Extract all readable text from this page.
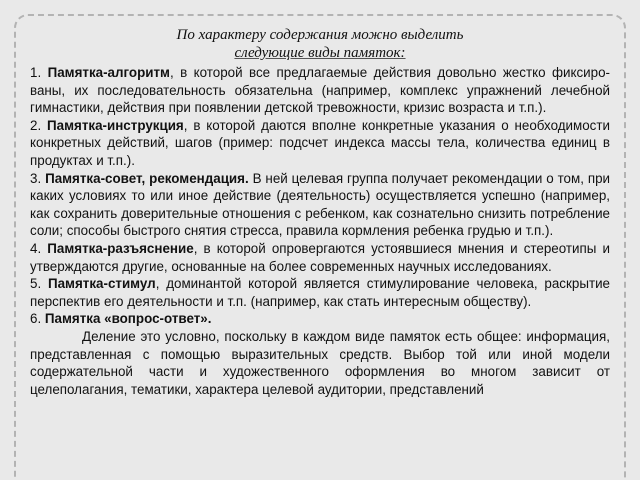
По характеру содержания можно выделить
следующие виды памяток:

1. Памятка-алгоритм, в которой все предлагаемые действия довольно жестко фиксиро-ваны, их последовательность обязательна (например, комплекс упражнений лечебной гимнастики, действия при появлении детской тревожности, кризис возраста и т.п.).

2. Памятка-инструкция, в которой даются вполне конкретные указания о необходимости конкретных действий, шагов (пример: подсчет индекса массы тела, количества единиц в продуктах и т.п.).

3. Памятка-совет, рекомендация. В ней целевая группа получает рекомендации о том, при каких условиях то или иное действие (деятельность) осуществляется успешно (например, как сохранить доверительные отношения с ребенком, как сознательно снизить потребление соли; способы быстрого снятия стресса, правила кормления ребенка грудью и т.п.).

4. Памятка-разъяснение, в которой опровергаются устоявшиеся мнения и стереотипы и утверждаются другие, основанные на более современных научных исследованиях.

5. Памятка-стимул, доминантой которой является стимулирование человека, раскрытие перспектив его деятельности и т.п. (например, как стать интересным обществу).

6. Памятка «вопрос-ответ».

Деление это условно, поскольку в каждом виде памяток есть общее: информация, представленная с помощью выразительных средств. Выбор той или иной модели содержательной части и художественного оформления во многом зависит от целеполагания, тематики, характера целевой аудитории, представлений
